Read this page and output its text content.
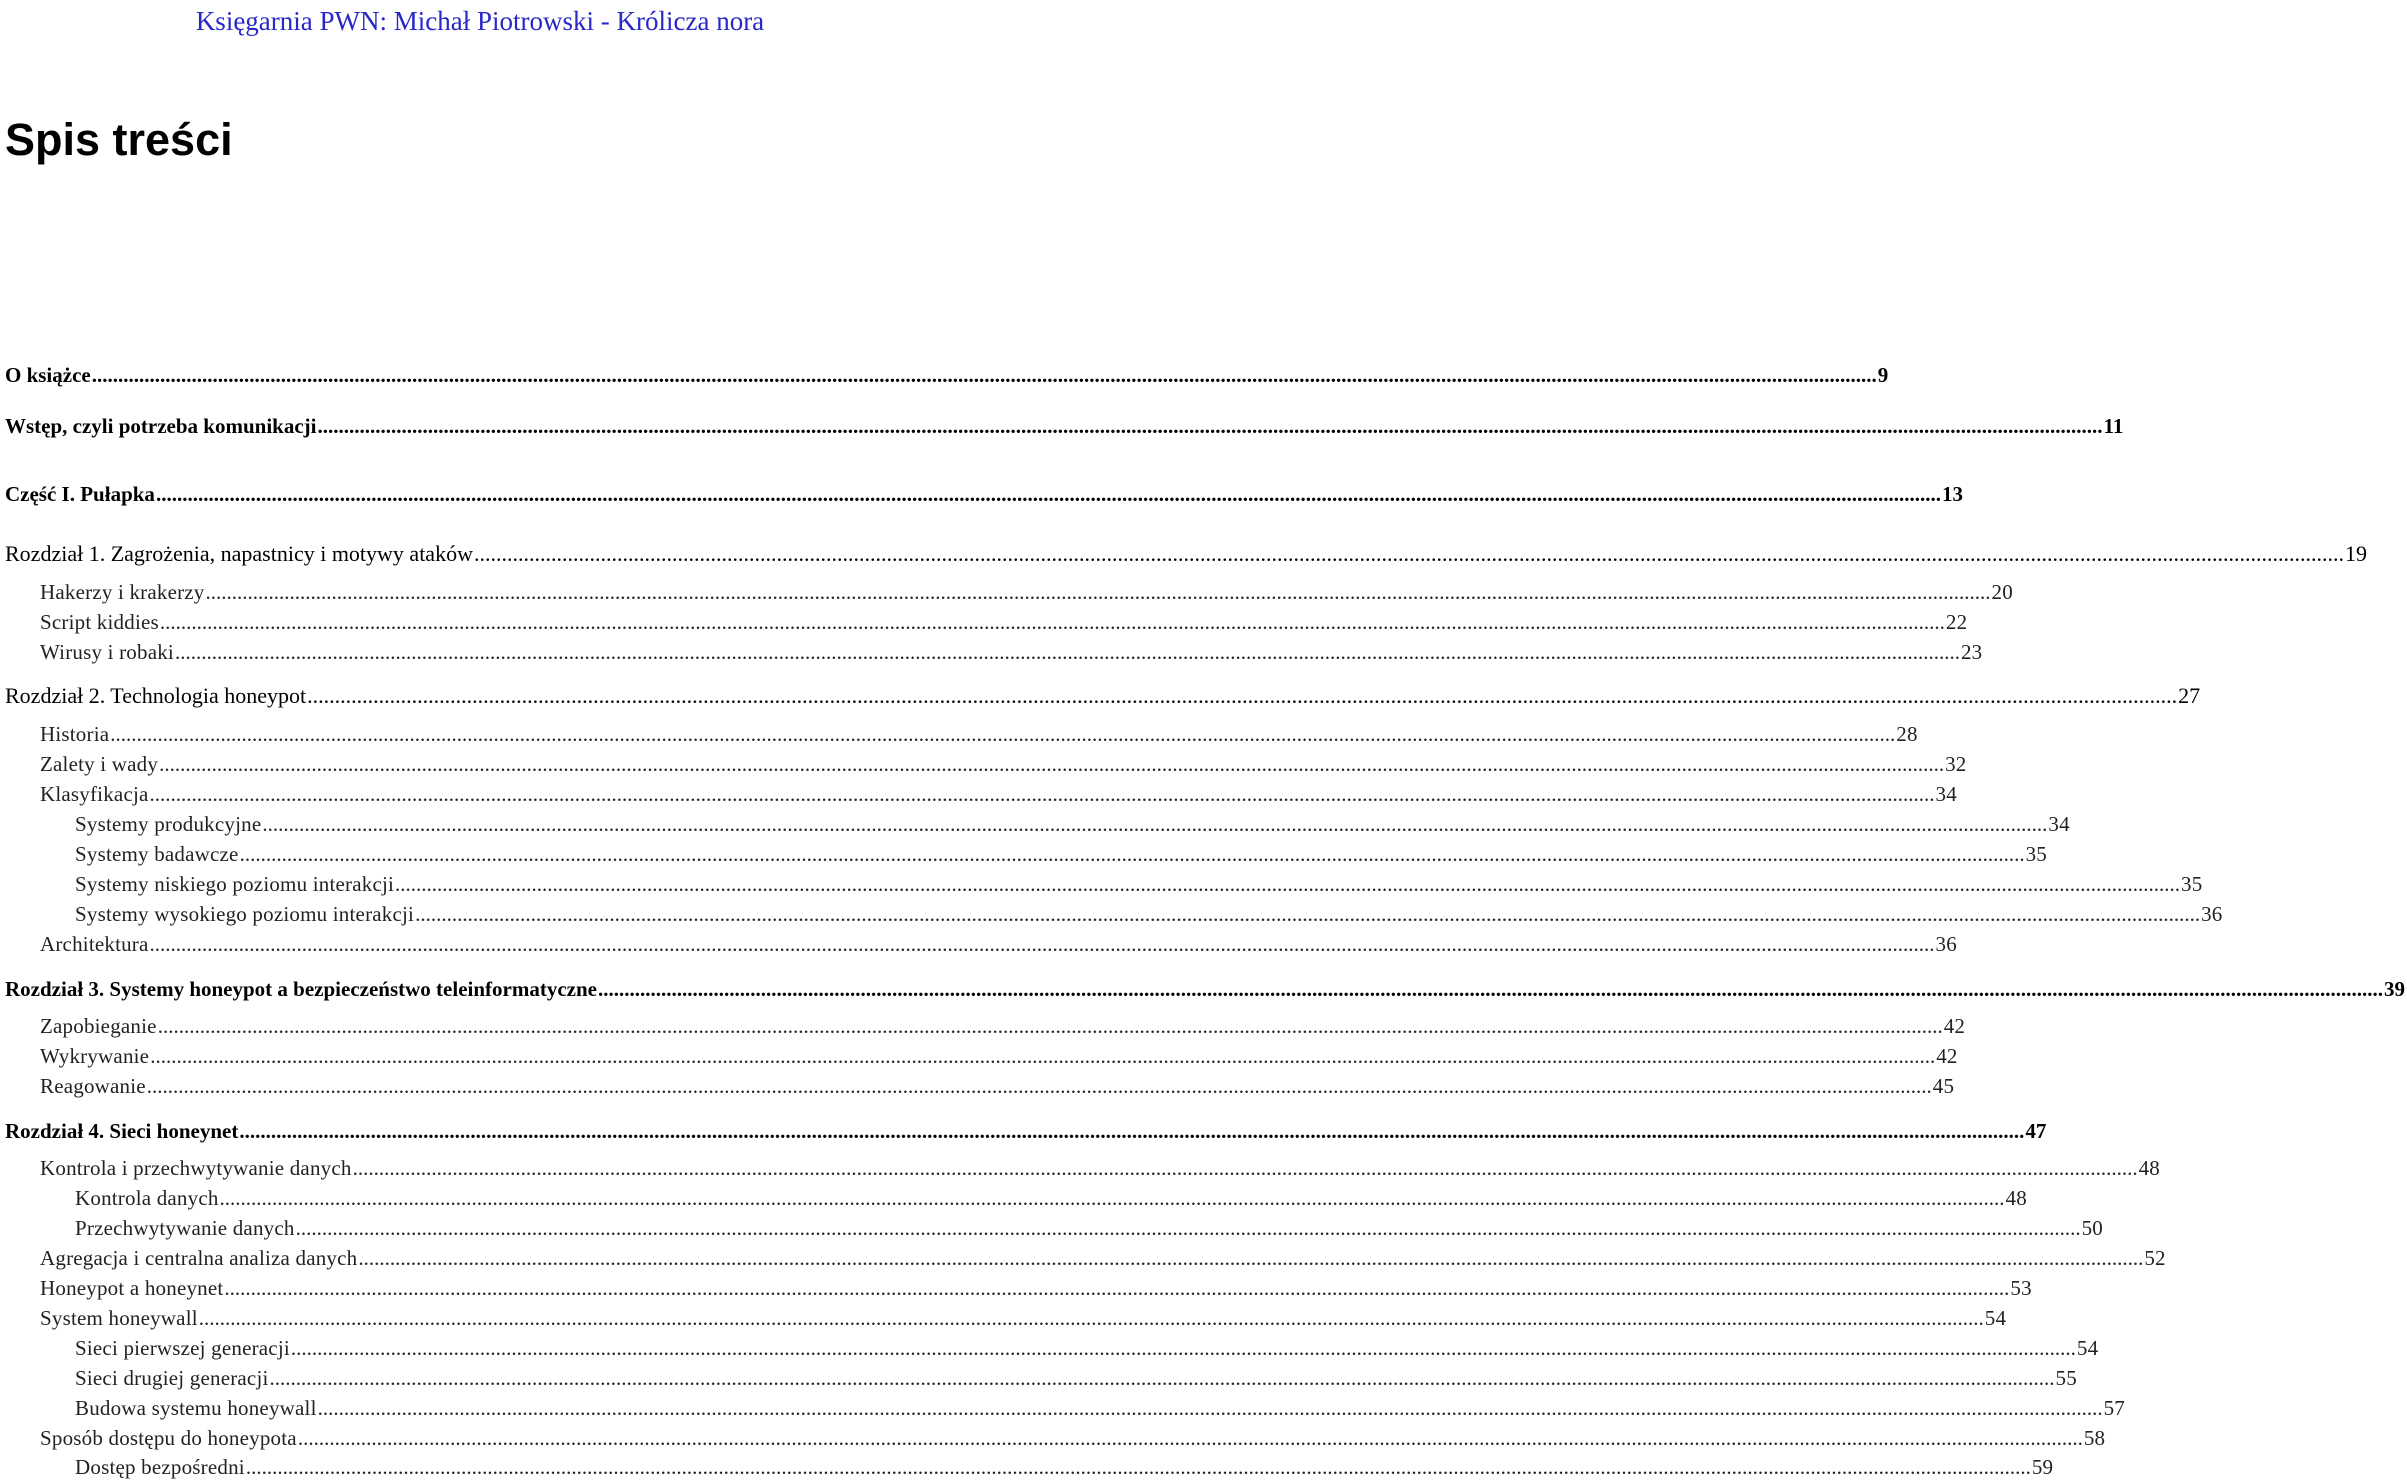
Księgarnia PWN: Michał Piotrowski - Królicza nora
Spis treści
O książce .................................................................................................................................................................................................................................................................................................................................................... 9
Wstęp, czyli potrzeba komunikacji .................................................................................................................................................................................................................................................................................................................................................... 11
Część I. Pułapka .................................................................................................................................................................................................................................................................................................................................................... 13
Rozdział 1. Zagrożenia, napastnicy i motywy ataków .................................................................................................................................................................................................................................................................................................................................................... 19
Hakerzy i krakerzy .................................................................................................................................................................................................................................................................................................................................................... 20
Script kiddies .................................................................................................................................................................................................................................................................................................................................................... 22
Wirusy i robaki .................................................................................................................................................................................................................................................................................................................................................... 23
Rozdział 2. Technologia honeypot .................................................................................................................................................................................................................................................................................................................................................... 27
Historia .................................................................................................................................................................................................................................................................................................................................................... 28
Zalety i wady .................................................................................................................................................................................................................................................................................................................................................... 32
Klasyfikacja .................................................................................................................................................................................................................................................................................................................................................... 34
Systemy produkcyjne .................................................................................................................................................................................................................................................................................................................................................... 34
Systemy badawcze .................................................................................................................................................................................................................................................................................................................................................... 35
Systemy niskiego poziomu interakcji .................................................................................................................................................................................................................................................................................................................................................... 35
Systemy wysokiego poziomu interakcji .................................................................................................................................................................................................................................................................................................................................................... 36
Architektura .................................................................................................................................................................................................................................................................................................................................................... 36
Rozdział 3. Systemy honeypot a bezpieczeństwo teleinformatyczne .................................................................................................................................................................................................................................................................................................................................................... 39
Zapobieganie .................................................................................................................................................................................................................................................................................................................................................... 42
Wykrywanie .................................................................................................................................................................................................................................................................................................................................................... 42
Reagowanie .................................................................................................................................................................................................................................................................................................................................................... 45
Rozdział 4. Sieci honeynet .................................................................................................................................................................................................................................................................................................................................................... 47
Kontrola i przechwytywanie danych .................................................................................................................................................................................................................................................................................................................................................... 48
Kontrola danych .................................................................................................................................................................................................................................................................................................................................................... 48
Przechwytywanie danych .................................................................................................................................................................................................................................................................................................................................................... 50
Agregacja i centralna analiza danych .................................................................................................................................................................................................................................................................................................................................................... 52
Honeypot a honeynet .................................................................................................................................................................................................................................................................................................................................................... 53
System honeywall .................................................................................................................................................................................................................................................................................................................................................... 54
Sieci pierwszej generacji .................................................................................................................................................................................................................................................................................................................................................... 54
Sieci drugiej generacji .................................................................................................................................................................................................................................................................................................................................................... 55
Budowa systemu honeywall .................................................................................................................................................................................................................................................................................................................................................... 57
Sposób dostępu do honeypota .................................................................................................................................................................................................................................................................................................................................................... 58
Dostęp bezpośredni .................................................................................................................................................................................................................................................................................................................................................... 59
